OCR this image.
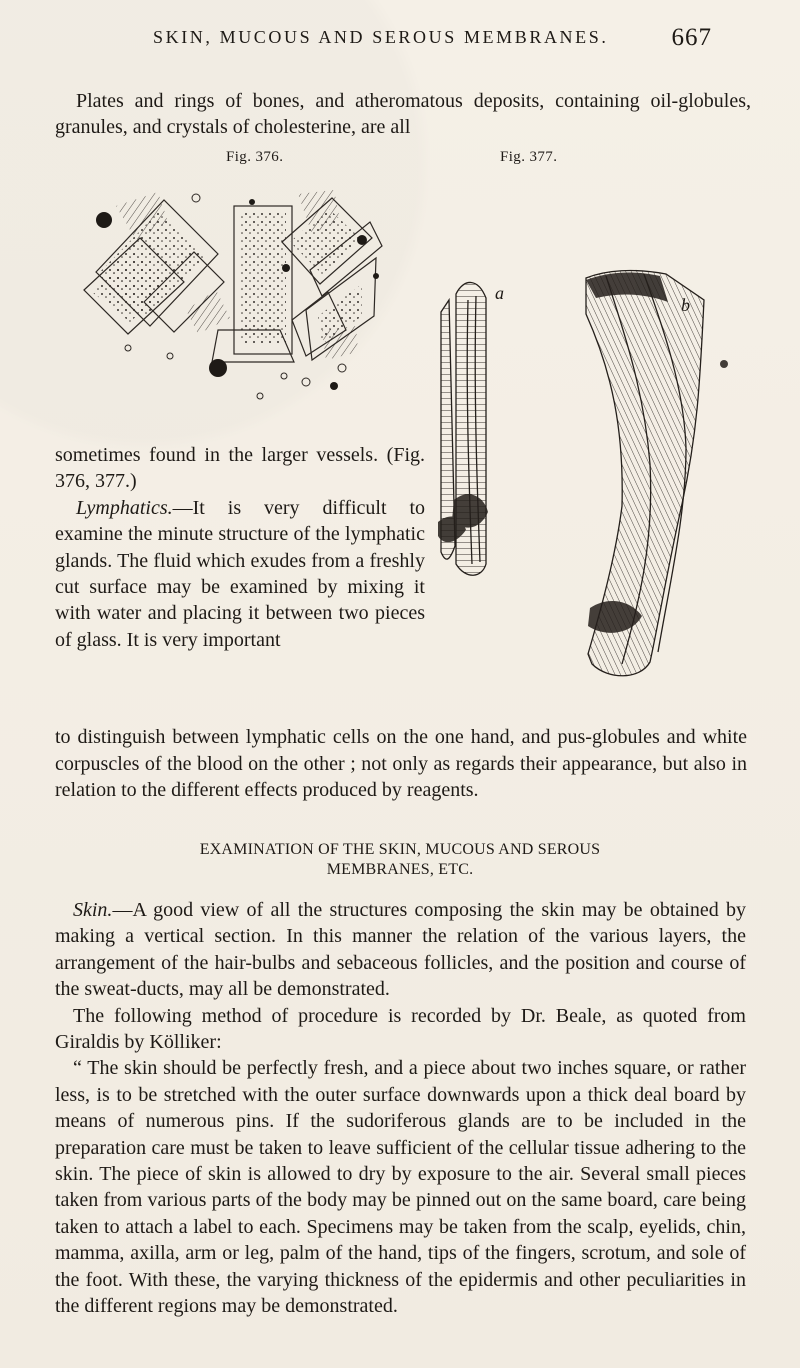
SKIN, MUCOUS AND SEROUS MEMBRANES.	667

Plates and rings of bones, and atheromatous deposits, containing oil-globules, granules, and crystals of cholesterine, are all

Fig. 376.	Fig. 377.
a

sometimes found in the larger vessels. (Fig. 376, 377.)

Lymphatics.—It is very difficult to examine the minute structure of the lymphatic glands. The fluid which exudes from a freshly cut surface may be examined by mixing it with water and placing it between two pieces of glass. It is very important

to distinguish between lymphatic cells on the one hand, and pus-globules and white corpuscles of the blood on the other ; not only as regards their appearance, but also in relation to the different effects produced by reagents.

EXAMINATION OF THE SKIN, MUCOUS AND SEROUS
MEMBRANES, ETC.

Skin.—A good view of all the structures composing the skin may be obtained by making a vertical section. In this manner the relation of the various layers, the arrangement of the hair-bulbs and sebaceous follicles, and the position and course of the sweat-ducts, may all be demonstrated.

The following method of procedure is recorded by Dr. Beale, as quoted from Giraldis by Kölliker:

“ The skin should be perfectly fresh, and a piece about two inches square, or rather less, is to be stretched with the outer surface downwards upon a thick deal board by means of numerous pins. If the sudoriferous glands are to be included in the preparation care must be taken to leave sufficient of the cellular tissue adhering to the skin. The piece of skin is allowed to dry by exposure to the air. Several small pieces taken from various parts of the body may be pinned out on the same board, care being taken to attach a label to each. Specimens may be taken from the scalp, eyelids, chin, mamma, axilla, arm or leg, palm of the hand, tips of the fingers, scrotum, and sole of the foot. With these, the varying thickness of the epidermis and other peculiarities in the different regions may be demonstrated.
